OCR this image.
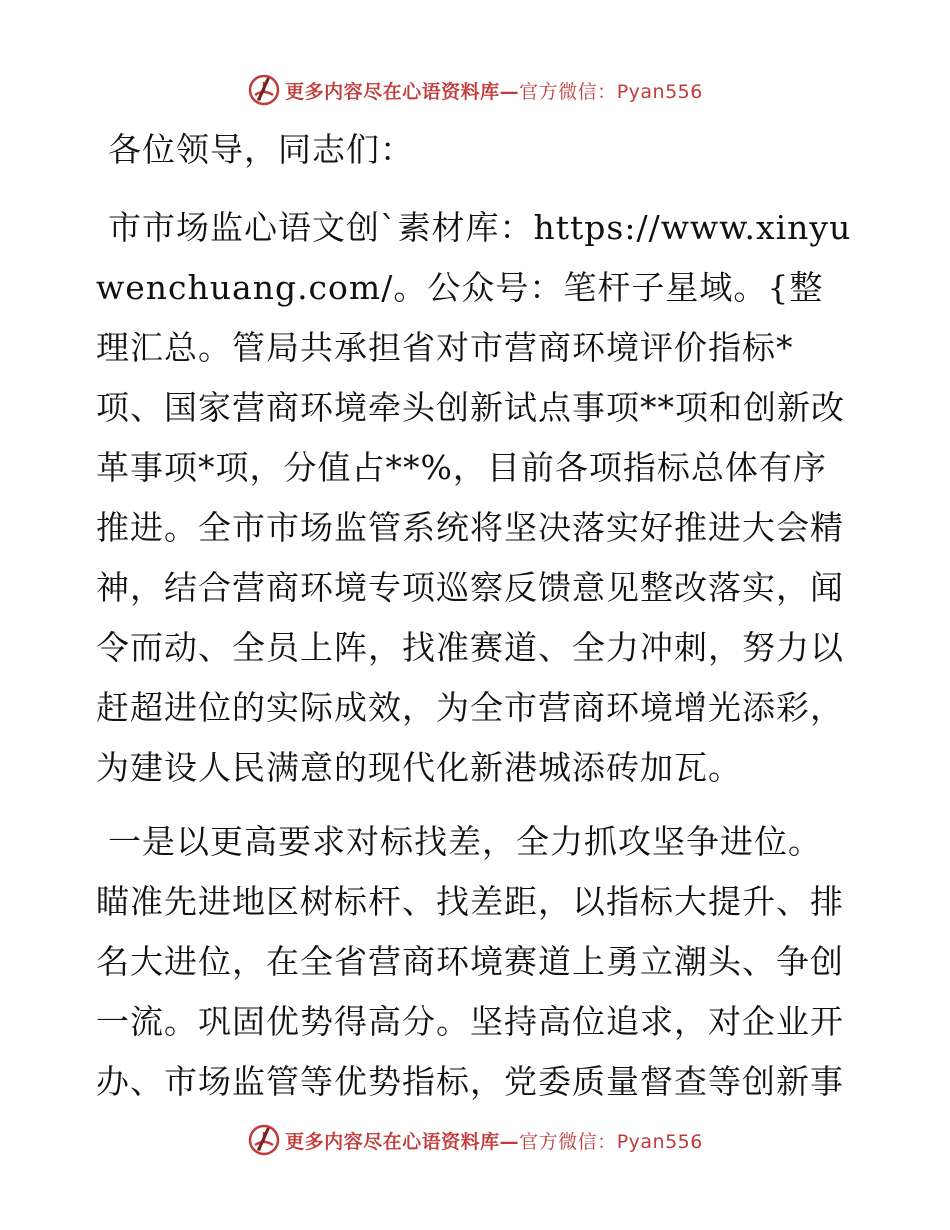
更多内容尽在心语资料库—官方微信：Pyan556

各位领导，同志们：

市市场监心语文创`素材库：https://www.xinyuwenchuang.com/。公众号：笔杆子星域。{整理汇总。管局共承担省对市营商环境评价指标*项、国家营商环境牵头创新试点事项**项和创新改革事项*项，分值占**%，目前各项指标总体有序推进。全市市场监管系统将坚决落实好推进大会精神，结合营商环境专项巡察反馈意见整改落实，闻令而动、全员上阵，找准赛道、全力冲刺，努力以赶超进位的实际成效，为全市营商环境增光添彩，为建设人民满意的现代化新港城添砖加瓦。

一是以更高要求对标找差，全力抓攻坚争进位。瞄准先进地区树标杆、找差距，以指标大提升、排名大进位，在全省营商环境赛道上勇立潮头、争创一流。巩固优势得高分。坚持高位追求，对企业开办、市场监管等优势指标，党委质量督查等创新事

更多内容尽在心语资料库—官方微信：Pyan556
